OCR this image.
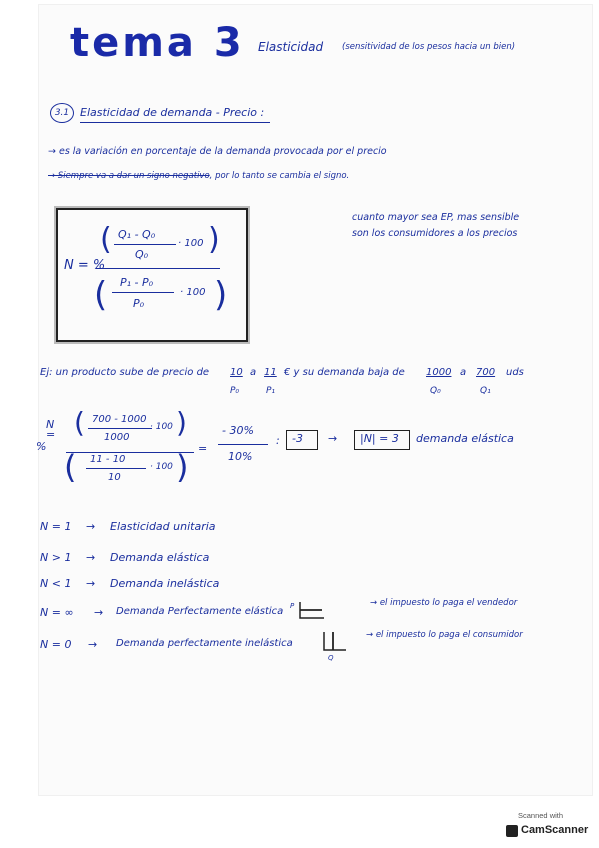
tema 3 Elasticidad (sensitividad de los pesos hacia un bien)
3.1 Elasticidad de demanda - Precio :
→ es la variación en porcentaje de la demanda provocada por el precio
→ Siempre va a dar un signo negativo, por lo tanto se cambia el signo.
N = %
( Q₁ - Q₀
Q₀
· 100 )
( P₁ - P₀
P₀
· 100 )
cuanto mayor sea EP, mas sensible
son los consumidores a los precios
Ej: un producto sube de precio de 10
P₀
a 11
P₁
€ y su demanda baja de 1000
Q₀
a 700
Q₁
uds
N
=
%
( 700 - 1000
1000
· 100 )
( 11 - 10
10
· 100 ) =
- 30%
10%
: -3 → |N| = 3 demanda elástica
N = 1 → Elasticidad unitaria
N > 1 → Demanda elástica
N < 1 → Demanda inelástica
N = ∞ → Demanda Perfectamente elástica P	→ el impuesto lo paga el vendedor
N = 0 → Demanda perfectamente inelástica
Q
→ el impuesto lo paga el consumidor
Scanned with
CamScanner
